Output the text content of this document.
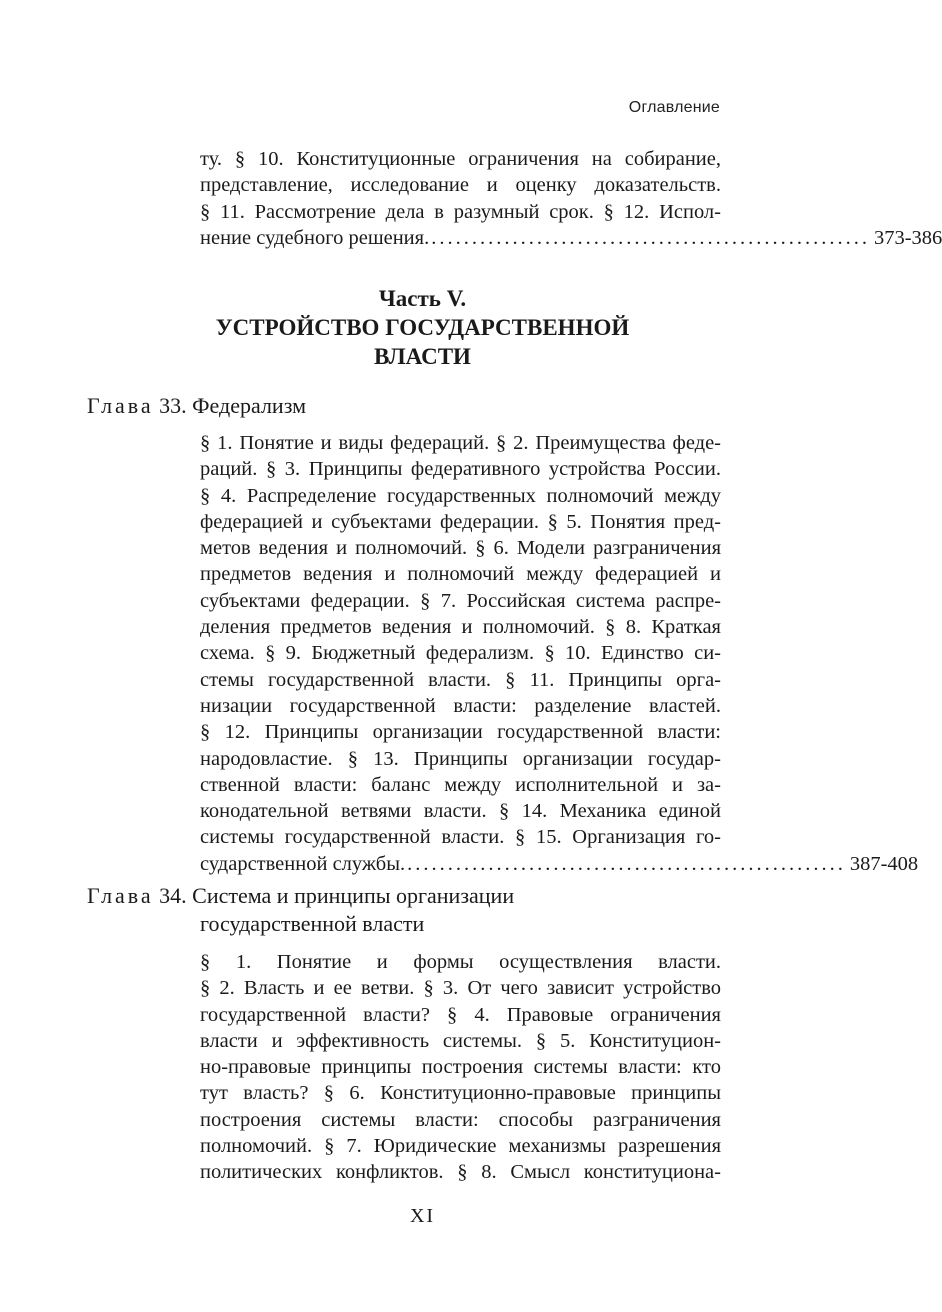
Оглавление
ту. § 10. Конституционные ограничения на собирание,
представление, исследование и оценку доказательств.
§ 11. Рассмотрение дела в разумный срок. § 12. Испол-
нение судебного решения. ...................................................... 373-386
Часть V.
УСТРОЙСТВО ГОСУДАРСТВЕННОЙ
ВЛАСТИ
Глава 33. Федерализм
§ 1. Понятие и виды федераций. § 2. Преимущества феде-
раций. § 3. Принципы федеративного устройства России.
§ 4. Распределение государственных полномочий между
федерацией и субъектами федерации. § 5. Понятия пред-
метов ведения и полномочий. § 6. Модели разграничения
предметов ведения и полномочий между федерацией и
субъектами федерации. § 7. Российская система распре-
деления предметов ведения и полномочий. § 8. Краткая
схема. § 9. Бюджетный федерализм. § 10. Единство си-
стемы государственной власти. § 11. Принципы орга-
низации государственной власти: разделение властей.
§ 12. Принципы организации государственной власти:
народовластие. § 13. Принципы организации государ-
ственной власти: баланс между исполнительной и за-
конодательной ветвями власти. § 14. Механика единой
системы государственной власти. § 15. Организация го-
сударственной службы. ...................................................... 387-408
Глава 34. Система и принципы организации
государственной власти
§ 1. Понятие и формы осуществления власти.
§ 2. Власть и ее ветви. § 3. От чего зависит устройство
государственной власти? § 4. Правовые ограничения
власти и эффективность системы. § 5. Конституцион-
но-правовые принципы построения системы власти: кто
тут власть? § 6. Конституционно-правовые принципы
построения системы власти: способы разграничения
полномочий. § 7. Юридические механизмы разрешения
политических конфликтов. § 8. Смысл конституциона-
XI
